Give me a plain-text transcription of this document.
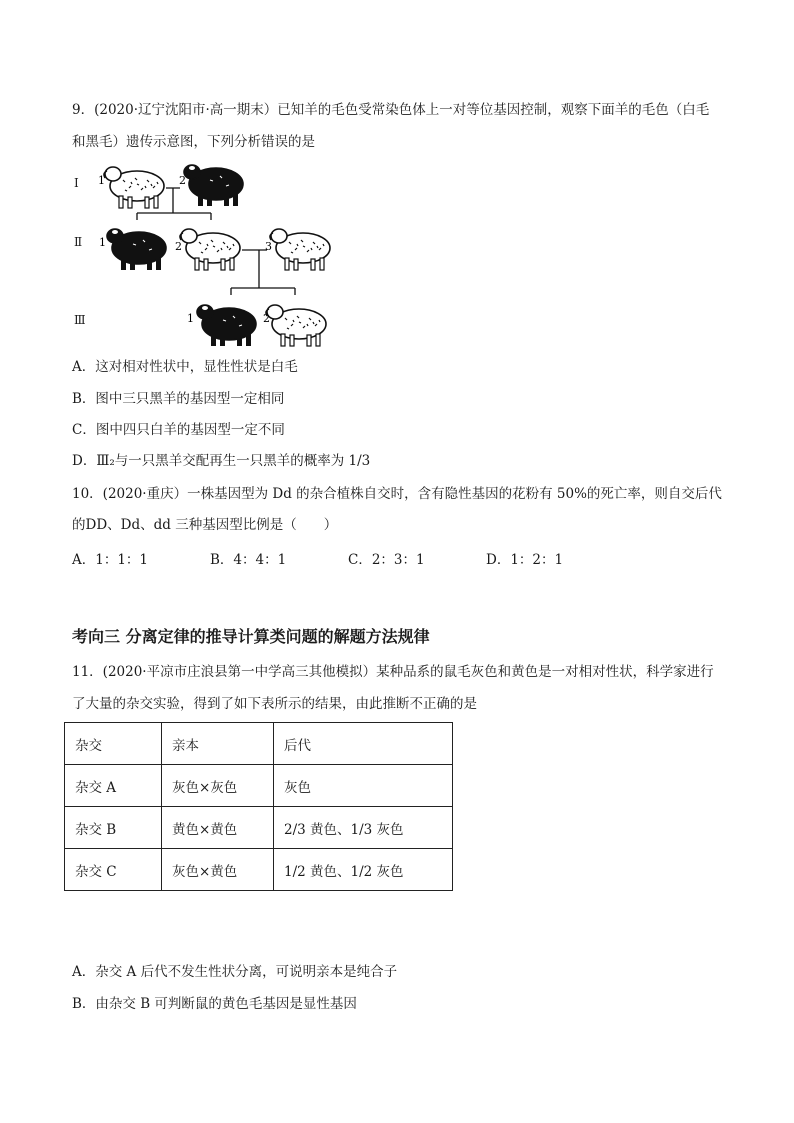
9．(2020·辽宁沈阳市·高一期末）已知羊的毛色受常染色体上一对等位基因控制，观察下面羊的毛色（白毛
和黑毛）遗传示意图，下列分析错误的是
Ⅰ
Ⅱ
Ⅲ
1	2
1	2	3
1	2
A．这对相对性状中，显性性状是白毛
B．图中三只黑羊的基因型一定相同
C．图中四只白羊的基因型一定不同
D．Ⅲ₂与一只黑羊交配再生一只黑羊的概率为 1/3
10．(2020·重庆）一株基因型为 Dd 的杂合植株自交时，含有隐性基因的花粉有 50%的死亡率，则自交后代
的DD、Dd、dd 三种基因型比例是（　　）
A．1：1：1	B．4：4：1	C．2：3：1	D．1：2：1
考向三 分离定律的推导计算类问题的解题方法规律
11．(2020·平凉市庄浪县第一中学高三其他模拟）某种品系的鼠毛灰色和黄色是一对相对性状，科学家进行
了大量的杂交实验，得到了如下表所示的结果，由此推断不正确的是
杂交	亲本	后代
杂交 A	灰色×灰色	灰色
杂交 B	黄色×黄色	2/3 黄色、1/3 灰色
杂交 C	灰色×黄色	1/2 黄色、1/2 灰色
A．杂交 A 后代不发生性状分离，可说明亲本是纯合子
B．由杂交 B 可判断鼠的黄色毛基因是显性基因
